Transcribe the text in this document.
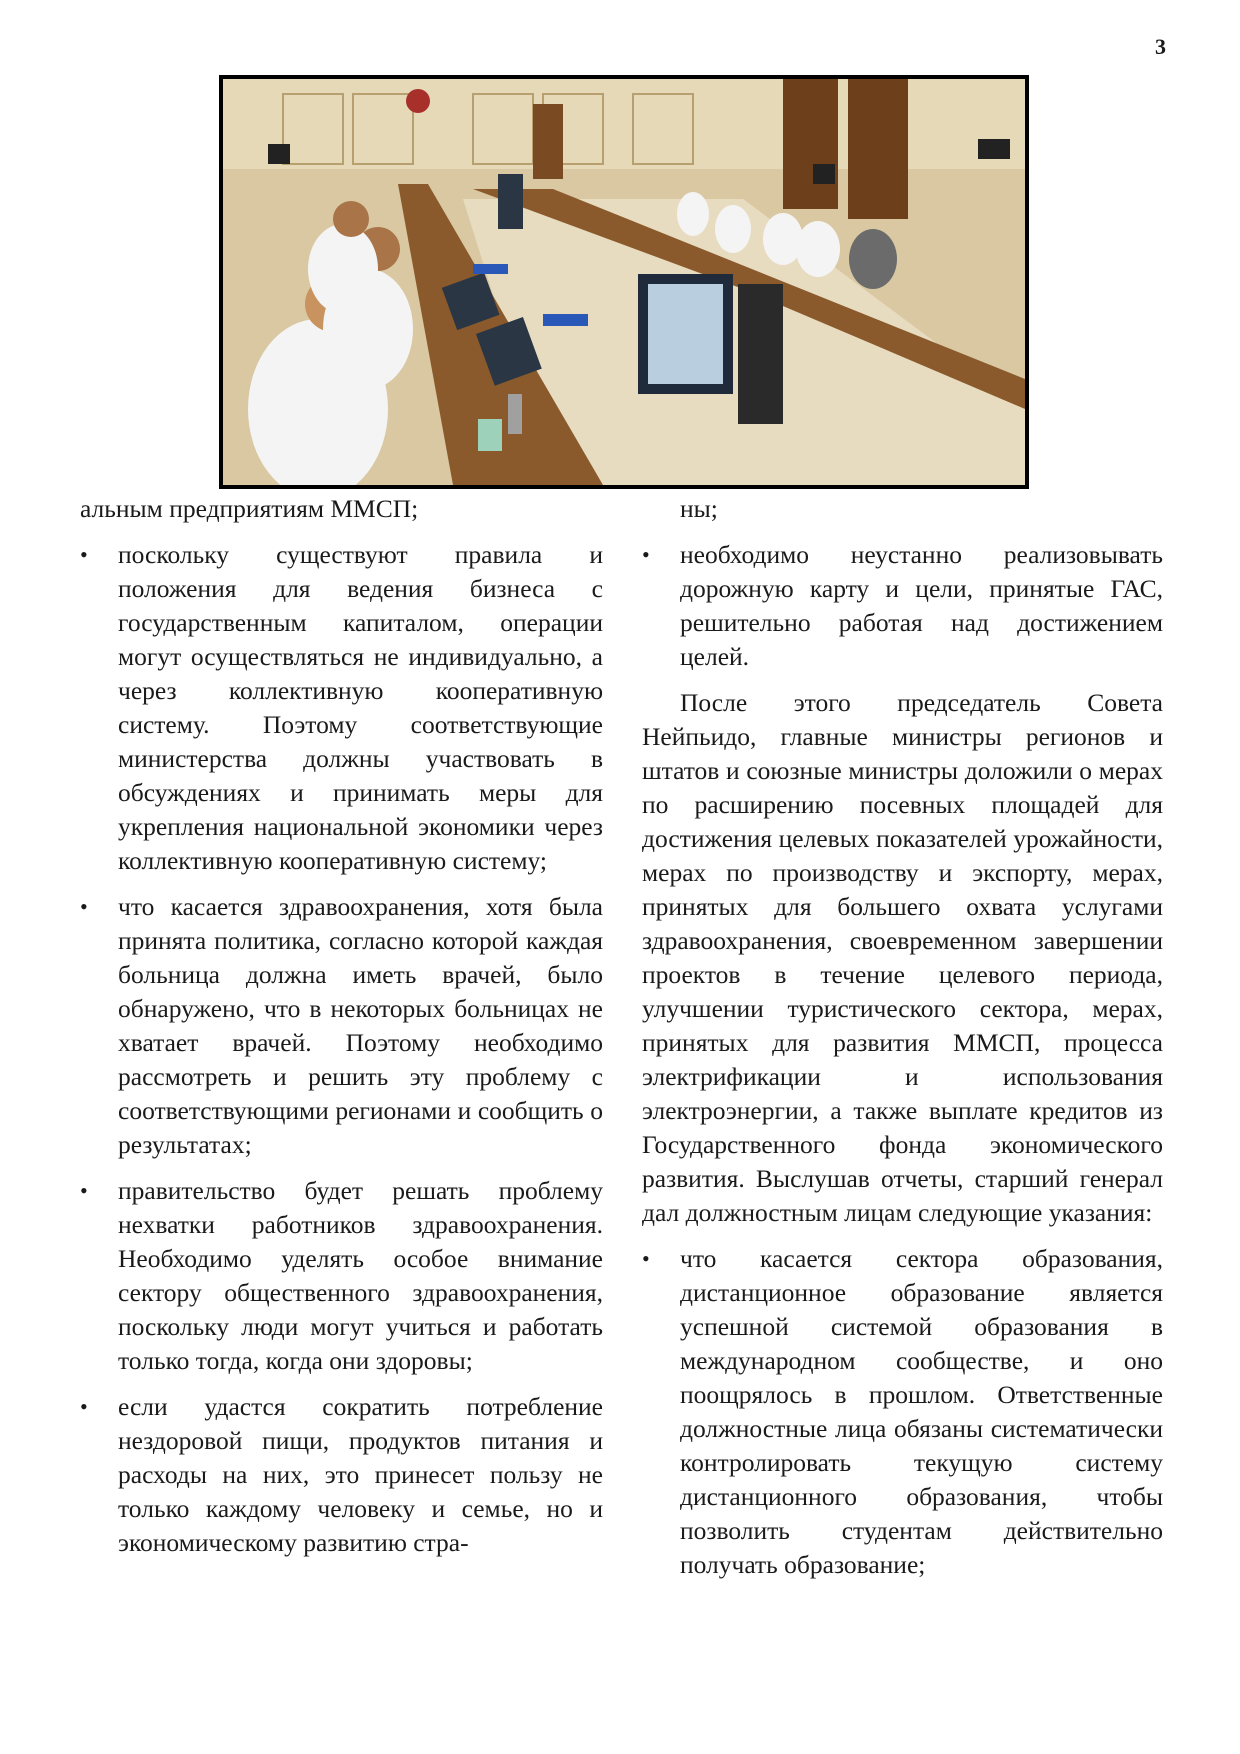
3

альным предприятиям ММСП;

• поскольку существуют правила и положения для ведения бизнеса с государственным капиталом, операции могут осуществляться не индивидуально, а через коллективную кооперативную систему. Поэтому соответствующие министерства должны участвовать в обсуждениях и принимать меры для укрепления национальной экономики через коллективную кооперативную систему;
• что касается здравоохранения, хотя была принята политика, согласно которой каждая больница должна иметь врачей, было обнаружено, что в некоторых больницах не хватает врачей. Поэтому необходимо рассмотреть и решить эту проблему с соответствующими регионами и сообщить о результатах;
• правительство будет решать проблему нехватки работников здравоохранения. Необходимо уделять особое внимание сектору общественного здравоохранения, поскольку люди могут учиться и работать только тогда, когда они здоровы;
• если удастся сократить потребление нездоровой пищи, продуктов питания и расходы на них, это принесет пользу не только каждому человеку и семье, но и экономическому развитию стра-

ны;

• необходимо неустанно реализовывать дорожную карту и цели, принятые ГАС, решительно работая над достижением целей.

После этого председатель Совета Нейпьидо, главные министры регионов и штатов и союзные министры доложили о мерах по расширению посевных площадей для достижения целевых показателей урожайности, мерах по производству и экспорту, мерах, принятых для большего охвата услугами здравоохранения, своевременном завершении проектов в течение целевого периода, улучшении туристического сектора, мерах, принятых для развития ММСП, процесса электрификации и использования электроэнергии, а также выплате кредитов из Государственного фонда экономического развития. Выслушав отчеты, старший генерал дал должностным лицам следующие указания:

• что касается сектора образования, дистанционное образование является успешной системой образования в международном сообществе, и оно поощрялось в прошлом. Ответственные должностные лица обязаны систематически контролировать текущую систему дистанционного образования, чтобы позволить студентам действительно получать образование;
